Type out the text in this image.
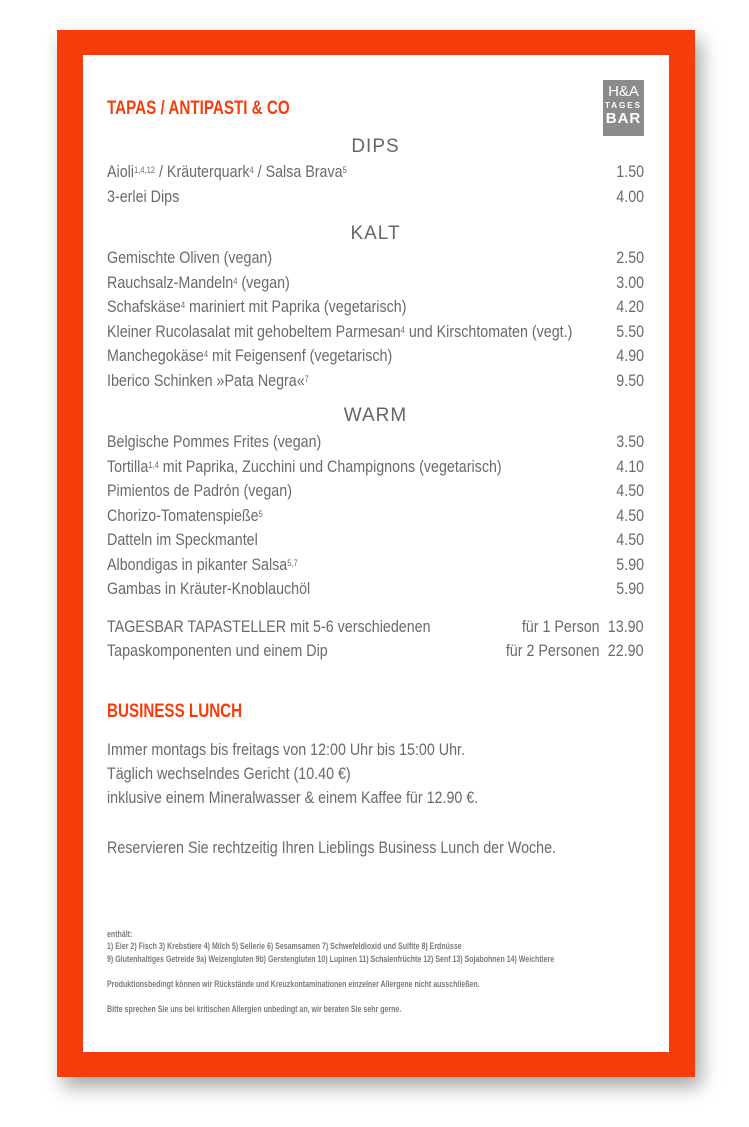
H&A
TAGES
BAR
TAPAS / ANTIPASTI & CO
DIPS
Aioli$^{1,4,12}$ / Kräuterquark$^4$ / Salsa Brava$^5$	1.50
3-erlei Dips	4.00
KALT
Gemischte Oliven (vegan)	2.50
Rauchsalz-Mandeln$^4$ (vegan)	3.00
Schafskäse$^4$ mariniert mit Paprika (vegetarisch)	4.20
Kleiner Rucolasalat mit gehobeltem Parmesan$^4$ und Kirschtomaten (vegt.)	5.50
Manchegokäse$^4$ mit Feigensenf (vegetarisch)	4.90
Iberico Schinken »Pata Negra«$^7$	9.50
WARM
Belgische Pommes Frites (vegan)	3.50
Tortilla$^{1,4}$ mit Paprika, Zucchini und Champignons (vegetarisch)	4.10
Pimientos de Padrón (vegan)	4.50
Chorizo-Tomatenspieße$^5$	4.50
Datteln im Speckmantel	4.50
Albondigas in pikanter Salsa$^{5,7}$	5.90
Gambas in Kräuter-Knoblauchöl	5.90
TAGESBAR TAPASTELLER mit 5-6 verschiedenen	für 1 Person 13.90
Tapaskomponenten und einem Dip	für 2 Personen 22.90
BUSINESS LUNCH
Immer montags bis freitags von 12:00 Uhr bis 15:00 Uhr.
Täglich wechselndes Gericht (10.40 €)
inklusive einem Mineralwasser & einem Kaffee für 12.90 €.
Reservieren Sie rechtzeitig Ihren Lieblings Business Lunch der Woche.
enthält:
1) Eier 2) Fisch 3) Krebstiere 4) Milch 5) Sellerie 6) Sesamsamen 7) Schwefeldioxid und Sulfite 8) Erdnüsse
9) Glutenhaltiges Getreide 9a) Weizengluten 9b) Gerstengluten 10) Lupinen 11) Schalenfrüchte 12) Senf 13) Sojabohnen 14) Weichtiere
Produktionsbedingt können wir Rückstände und Kreuzkontaminationen einzelner Allergene nicht ausschließen.
Bitte sprechen Sie uns bei kritischen Allergien unbedingt an, wir beraten Sie sehr gerne.
